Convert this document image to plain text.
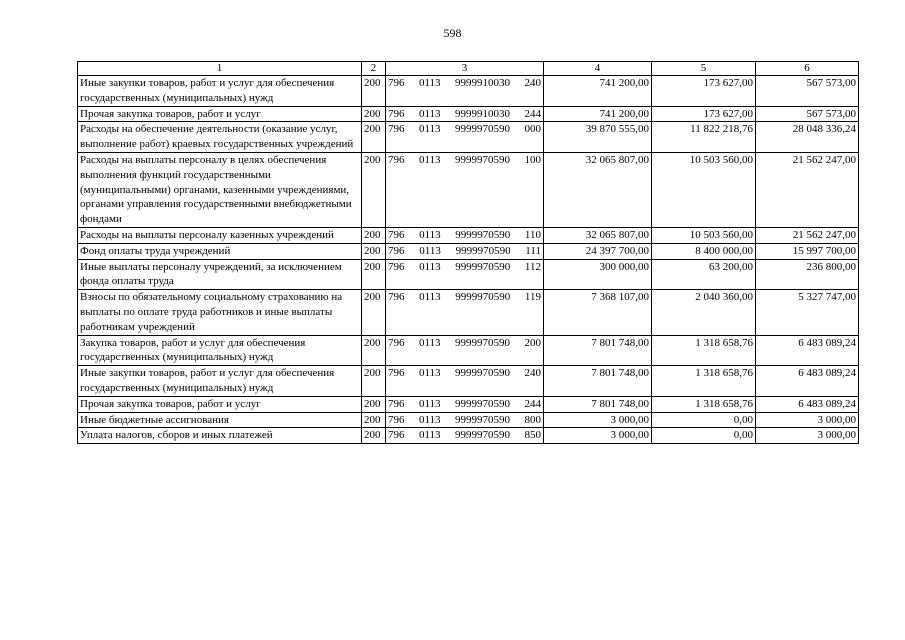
598
1	2	3	4	5	6
Иные закупки товаров, работ и услуг для обеспечения государственных (муниципальных) нужд	200	796 0113 9999910030 240	741 200,00	173 627,00	567 573,00
Прочая закупка товаров, работ и услуг	200	796 0113 9999910030 244	741 200,00	173 627,00	567 573,00
Расходы на обеспечение деятельности (оказание услуг, выполнение работ) краевых государственных учреждений	200	796 0113 9999970590 000	39 870 555,00	11 822 218,76	28 048 336,24
Расходы на выплаты персоналу в целях обеспечения выполнения функций государственными (муниципальными) органами, казенными учреждениями, органами управления государственными внебюджетными фондами	200	796 0113 9999970590 100	32 065 807,00	10 503 560,00	21 562 247,00
Расходы на выплаты персоналу казенных учреждений	200	796 0113 9999970590 110	32 065 807,00	10 503 560,00	21 562 247,00
Фонд оплаты труда учреждений	200	796 0113 9999970590 111	24 397 700,00	8 400 000,00	15 997 700,00
Иные выплаты персоналу учреждений, за исключением фонда оплаты труда	200	796 0113 9999970590 112	300 000,00	63 200,00	236 800,00
Взносы по обязательному социальному страхованию на выплаты по оплате труда работников и иные выплаты работникам учреждений	200	796 0113 9999970590 119	7 368 107,00	2 040 360,00	5 327 747,00
Закупка товаров, работ и услуг для обеспечения государственных (муниципальных) нужд	200	796 0113 9999970590 200	7 801 748,00	1 318 658,76	6 483 089,24
Иные закупки товаров, работ и услуг для обеспечения государственных (муниципальных) нужд	200	796 0113 9999970590 240	7 801 748,00	1 318 658,76	6 483 089,24
Прочая закупка товаров, работ и услуг	200	796 0113 9999970590 244	7 801 748,00	1 318 658,76	6 483 089,24
Иные бюджетные ассигнования	200	796 0113 9999970590 800	3 000,00	0,00	3 000,00
Уплата налогов, сборов и иных платежей	200	796 0113 9999970590 850	3 000,00	0,00	3 000,00
